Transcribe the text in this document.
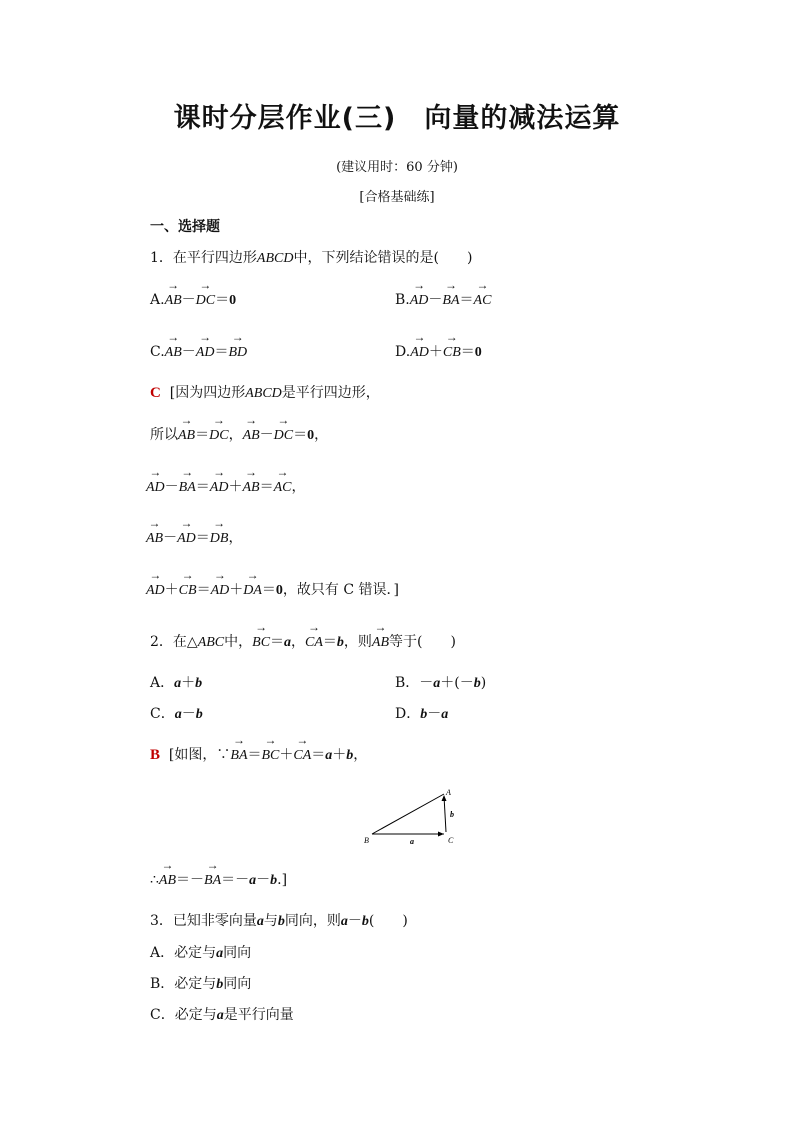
课时分层作业(三) 向量的减法运算
(建议用时：60 分钟)
[合格基础练]
一、选择题
1．在平行四边形ABCD中，下列结论错误的是(　　)
A.→ AB－→ DC＝0	B.→ AD－→ BA＝→ AC
C.→ AB－→ AD＝→ BD	D.→ AD＋→ CB＝0
C [因为四边形ABCD是平行四边形，
所以→ AB＝→ DC，→ AB－→ DC＝0，
→ AD－→ BA＝→ AD＋→ AB＝→ AC，
→ AB－→ AD＝→ DB，
→ AD＋→ CB＝→ AD＋→ DA＝0，故只有 C 错误．]
2．在△ABC中，→ BC＝a，→ CA＝b，则→ AB等于(　　)
A．a＋b	B．－a＋(－b)
C．a－b	D．b－a
B [如图，∵→ BA＝→ BC＋→ CA＝a＋b，
A
B	C
a
b
∴→ AB＝－→ BA＝－a－b.]
3．已知非零向量a与b同向，则a－b(　　)
A．必定与a同向
B．必定与b同向
C．必定与a是平行向量
